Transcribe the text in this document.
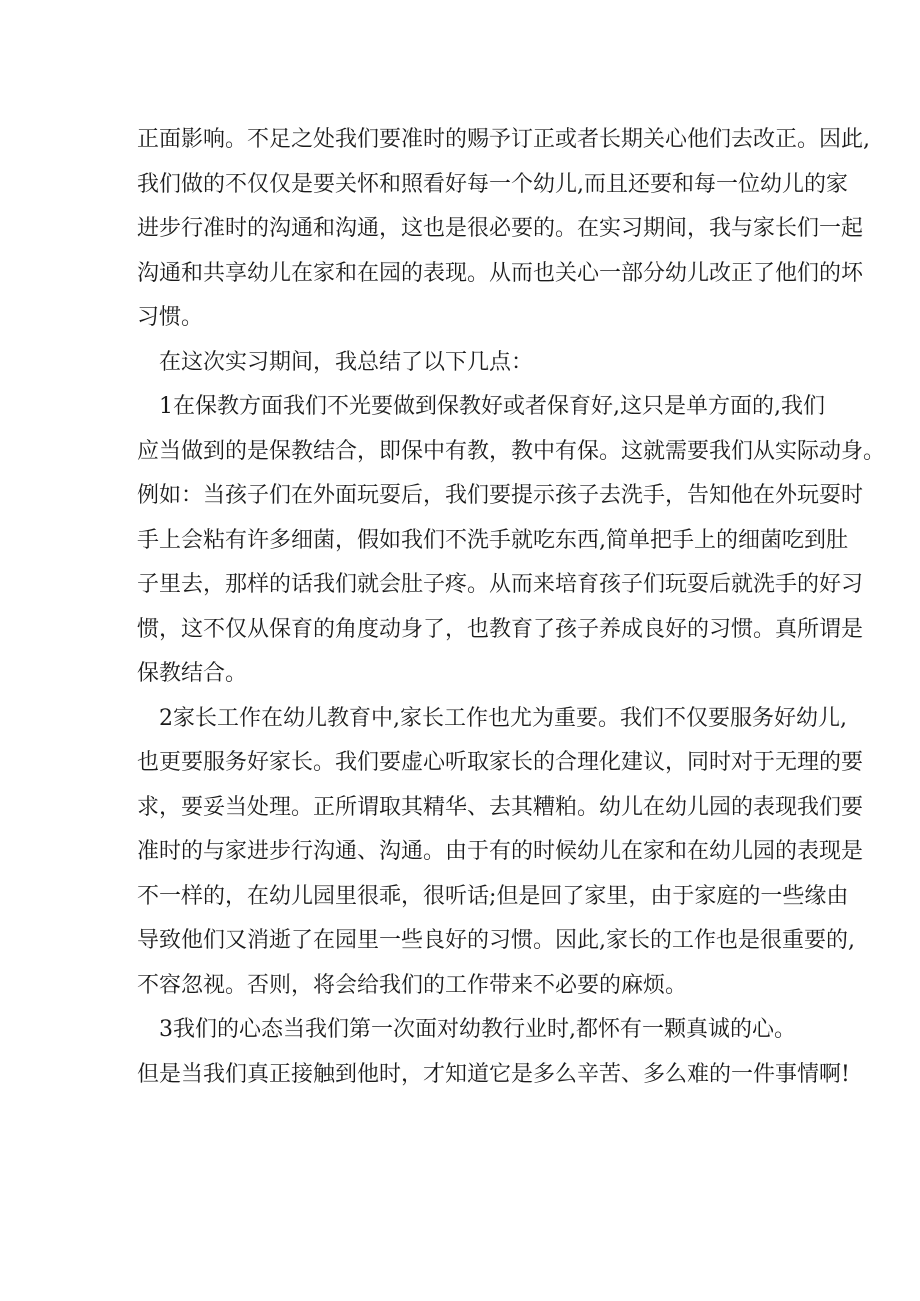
正面影响。不足之处我们要准时的赐予订正或者长期关心他们去改正。因此,
我们做的不仅仅是要关怀和照看好每一个幼儿,而且还要和每一位幼儿的家
进步行准时的沟通和沟通，这也是很必要的。在实习期间，我与家长们一起
沟通和共享幼儿在家和在园的表现。从而也关心一部分幼儿改正了他们的坏
习惯。
在这次实习期间，我总结了以下几点：
1在保教方面我们不光要做到保教好或者保育好,这只是单方面的,我们
应当做到的是保教结合，即保中有教，教中有保。这就需要我们从实际动身。
例如：当孩子们在外面玩耍后，我们要提示孩子去洗手，告知他在外玩耍时
手上会粘有许多细菌，假如我们不洗手就吃东西,简单把手上的细菌吃到肚
子里去，那样的话我们就会肚子疼。从而来培育孩子们玩耍后就洗手的好习
惯，这不仅从保育的角度动身了，也教育了孩子养成良好的习惯。真所谓是
保教结合。
2家长工作在幼儿教育中,家长工作也尤为重要。我们不仅要服务好幼儿,
也更要服务好家长。我们要虚心听取家长的合理化建议，同时对于无理的要
求，要妥当处理。正所谓取其精华、去其糟粕。幼儿在幼儿园的表现我们要
准时的与家进步行沟通、沟通。由于有的时候幼儿在家和在幼儿园的表现是
不一样的，在幼儿园里很乖，很听话;但是回了家里，由于家庭的一些缘由
导致他们又消逝了在园里一些良好的习惯。因此,家长的工作也是很重要的,
不容忽视。否则，将会给我们的工作带来不必要的麻烦。
3我们的心态当我们第一次面对幼教行业时,都怀有一颗真诚的心。
但是当我们真正接触到他时，才知道它是多么辛苦、多么难的一件事情啊!
